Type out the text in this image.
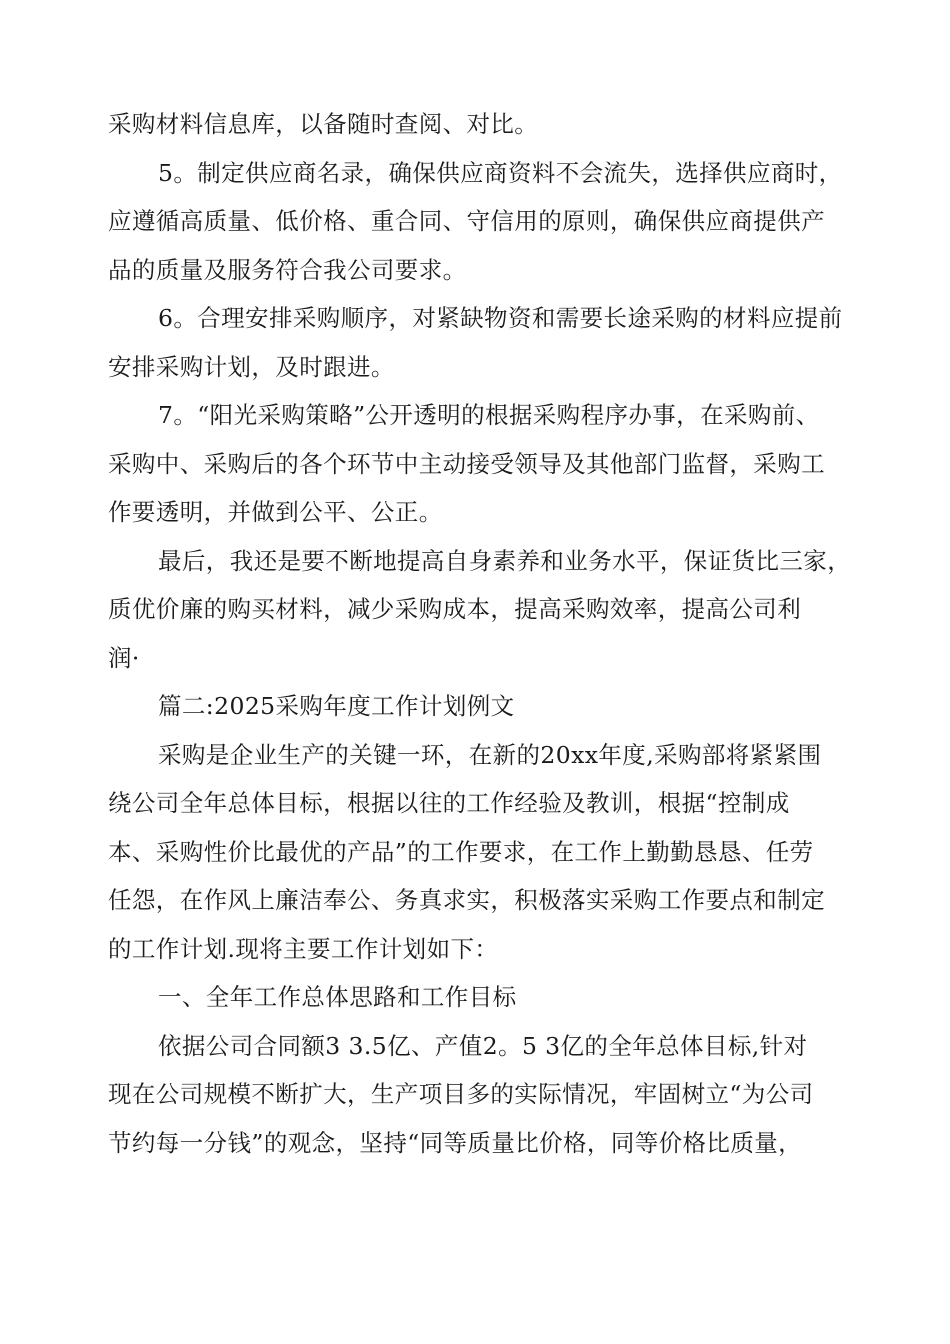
采购材料信息库，以备随时查阅、对比。

5。制定供应商名录，确保供应商资料不会流失，选择供应商时，
应遵循高质量、低价格、重合同、守信用的原则，确保供应商提供产
品的质量及服务符合我公司要求。

6。合理安排采购顺序，对紧缺物资和需要长途采购的材料应提前
安排采购计划，及时跟进。

7。“阳光采购策略”公开透明的根据采购程序办事，在采购前、
采购中、采购后的各个环节中主动接受领导及其他部门监督，采购工
作要透明，并做到公平、公正。

最后，我还是要不断地提高自身素养和业务水平，保证货比三家，
质优价廉的购买材料，减少采购成本，提高采购效率，提高公司利
润·

篇二:2025采购年度工作计划例文

采购是企业生产的关键一环，在新的20xx年度,采购部将紧紧围
绕公司全年总体目标，根据以往的工作经验及教训，根据“控制成
本、采购性价比最优的产品”的工作要求，在工作上勤勤恳恳、任劳
任怨，在作风上廉洁奉公、务真求实，积极落实采购工作要点和制定
的工作计划.现将主要工作计划如下：

一、全年工作总体思路和工作目标

依据公司合同额3 3.5亿、产值2。5 3亿的全年总体目标,针对
现在公司规模不断扩大，生产项目多的实际情况，牢固树立“为公司
节约每一分钱”的观念，坚持“同等质量比价格，同等价格比质量，
